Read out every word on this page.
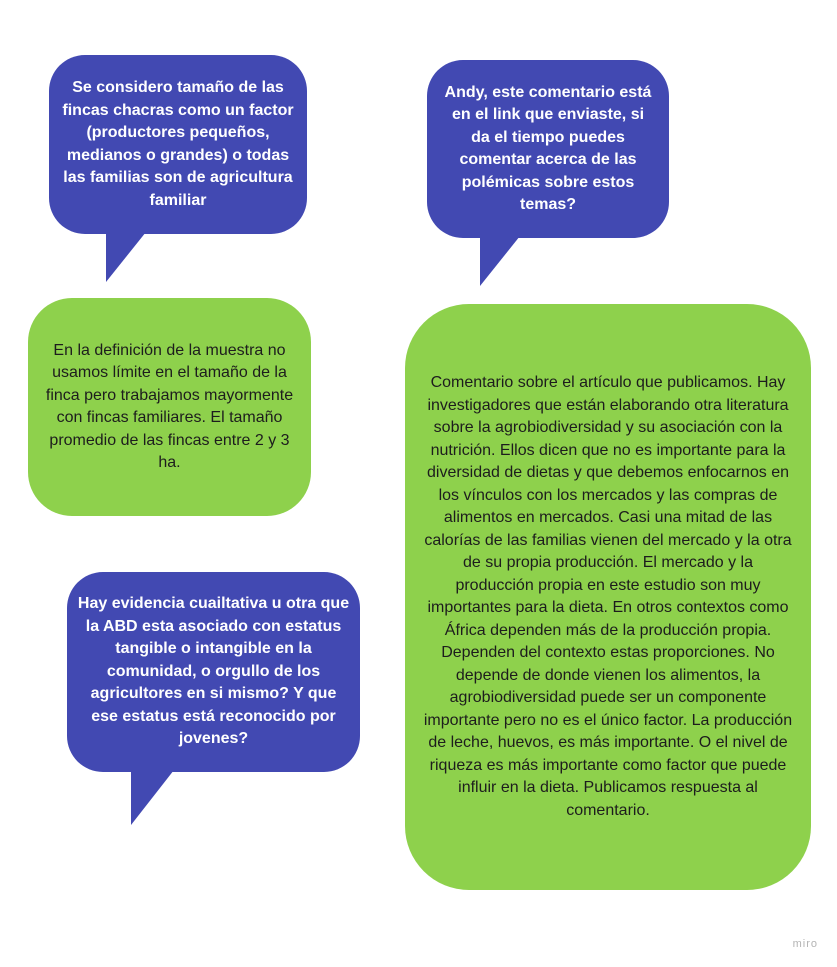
Se considero tamaño de las fincas chacras como un factor (productores pequeños, medianos o grandes) o todas las familias son de agricultura familiar
Andy, este comentario está en el link que enviaste, si da el tiempo puedes comentar acerca de las polémicas sobre estos temas?
En la definición de la muestra no usamos límite en el tamaño de la finca pero trabajamos mayormente con fincas familiares. El tamaño promedio de las fincas entre 2 y 3 ha.
Comentario sobre el artículo que publicamos. Hay investigadores que están elaborando otra literatura sobre la agrobiodiversidad y su asociación con la nutrición. Ellos dicen que no es importante para la diversidad de dietas y que debemos enfocarnos en los vínculos con los mercados y las compras de alimentos en mercados. Casi una mitad de las calorías de las familias vienen del mercado y la otra de su propia producción. El mercado y la producción propia en este estudio son muy importantes para la dieta. En otros contextos como África dependen más de la producción propia. Dependen del contexto estas proporciones. No depende de donde vienen los alimentos, la agrobiodiversidad puede ser un componente importante pero no es el único factor. La producción de leche, huevos, es más importante. O el nivel de riqueza es más importante como factor que puede influir en la dieta. Publicamos respuesta al comentario.
Hay evidencia cuailtativa u otra que la ABD esta asociado con estatus tangible o intangible en la comunidad, o orgullo de los agricultores en si mismo? Y que ese estatus está reconocido por jovenes?
miro
